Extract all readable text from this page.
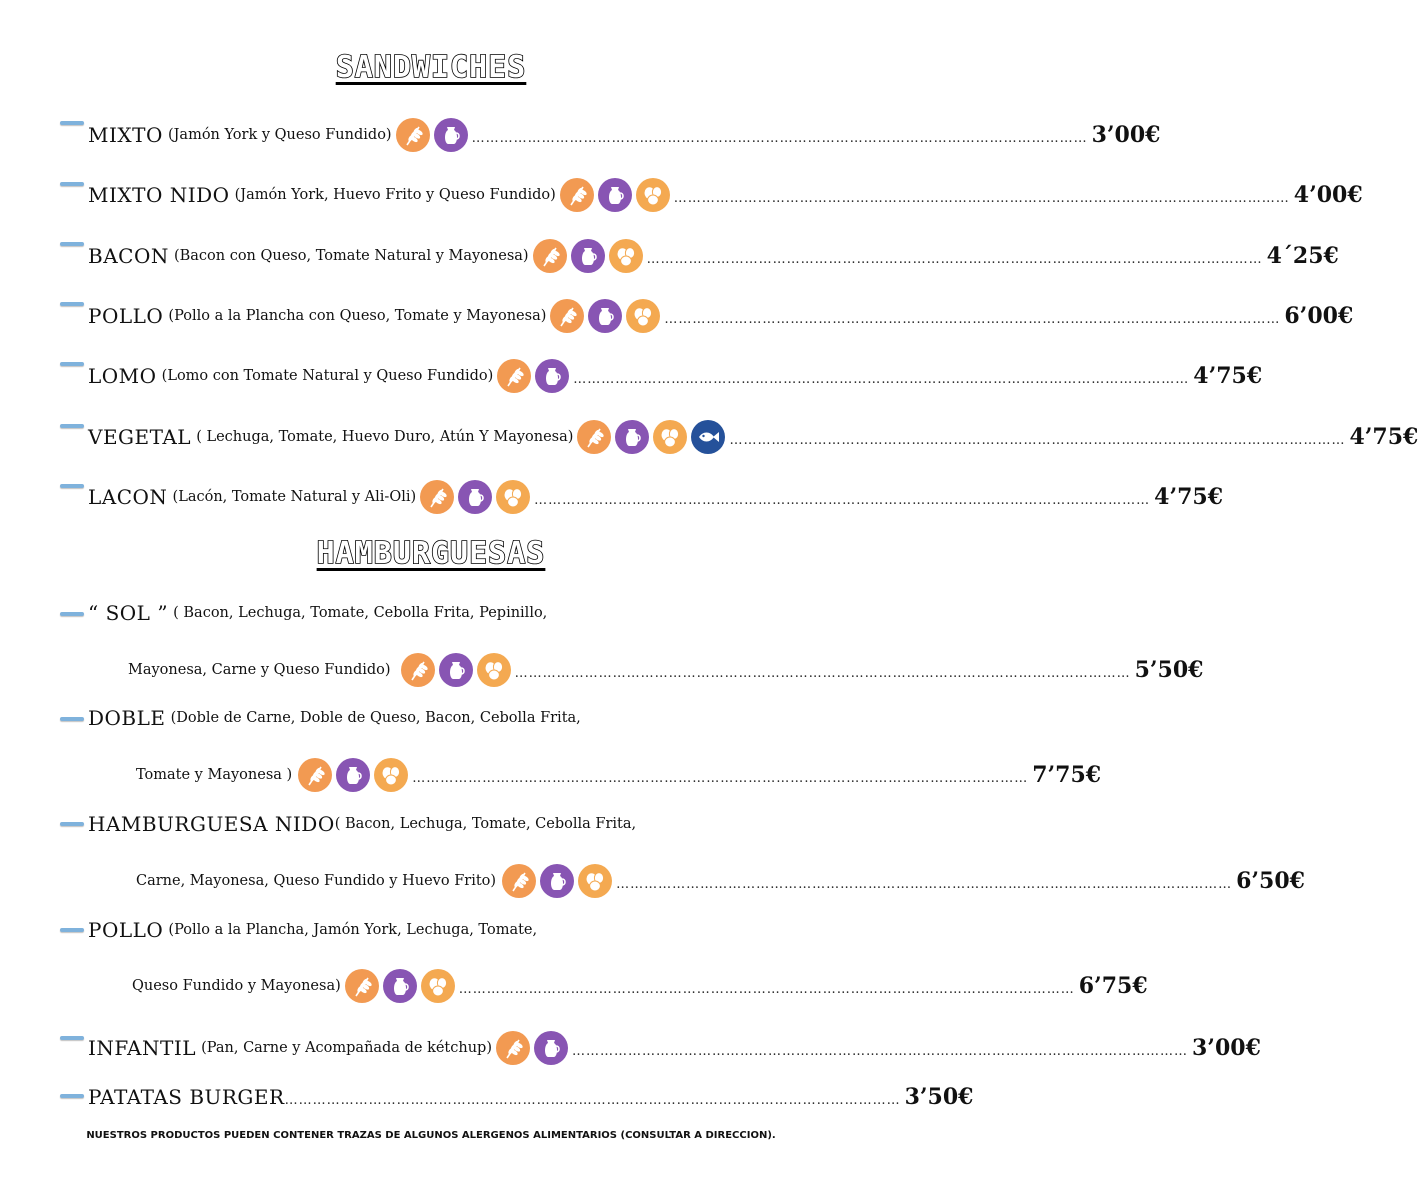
SANDWICHES
MIXTO
(Jamón York y Queso Fundido)	…………………………………………………………………………………………………………………… 3’00€
MIXTO NIDO
(Jamón York, Huevo Frito y Queso Fundido)	…………………………………………………………………………………………………………………… 4’00€
BACON
(Bacon con Queso, Tomate Natural y Mayonesa)	…………………………………………………………………………………………………………………… 4´25€
POLLO
(Pollo a la Plancha con Queso, Tomate y Mayonesa)	…………………………………………………………………………………………………………………… 6’00€
LOMO
(Lomo con Tomate Natural y Queso Fundido)	…………………………………………………………………………………………………………………… 4’75€
VEGETAL
( Lechuga, Tomate, Huevo Duro, Atún Y Mayonesa)	…………………………………………………………………………………………………………………… 4’75€
LACON
(Lacón, Tomate Natural y Ali-Oli)	…………………………………………………………………………………………………………………… 4’75€
HAMBURGUESAS
“ SOL ”
( Bacon, Lechuga, Tomate, Cebolla Frita, Pepinillo,
Mayonesa, Carne y Queso Fundido)	…………………………………………………………………………………………………………………… 5’50€
DOBLE
(Doble de Carne, Doble de Queso, Bacon, Cebolla Frita,
Tomate y Mayonesa )	…………………………………………………………………………………………………………………… 7’75€
HAMBURGUESA NIDO ( Bacon, Lechuga, Tomate, Cebolla Frita,
Carne, Mayonesa, Queso Fundido y Huevo Frito)	…………………………………………………………………………………………………………………… 6’50€
POLLO
(Pollo a la Plancha, Jamón York, Lechuga, Tomate,
Queso Fundido y Mayonesa)	…………………………………………………………………………………………………………………… 6’75€
INFANTIL
(Pan, Carne y Acompañada de kétchup)	…………………………………………………………………………………………………………………… 3’00€
PATATAS BURGER …………………………………………………………………………………………………………………… 3’50€
NUESTROS PRODUCTOS PUEDEN CONTENER TRAZAS DE ALGUNOS ALERGENOS ALIMENTARIOS (CONSULTAR A DIRECCION).
